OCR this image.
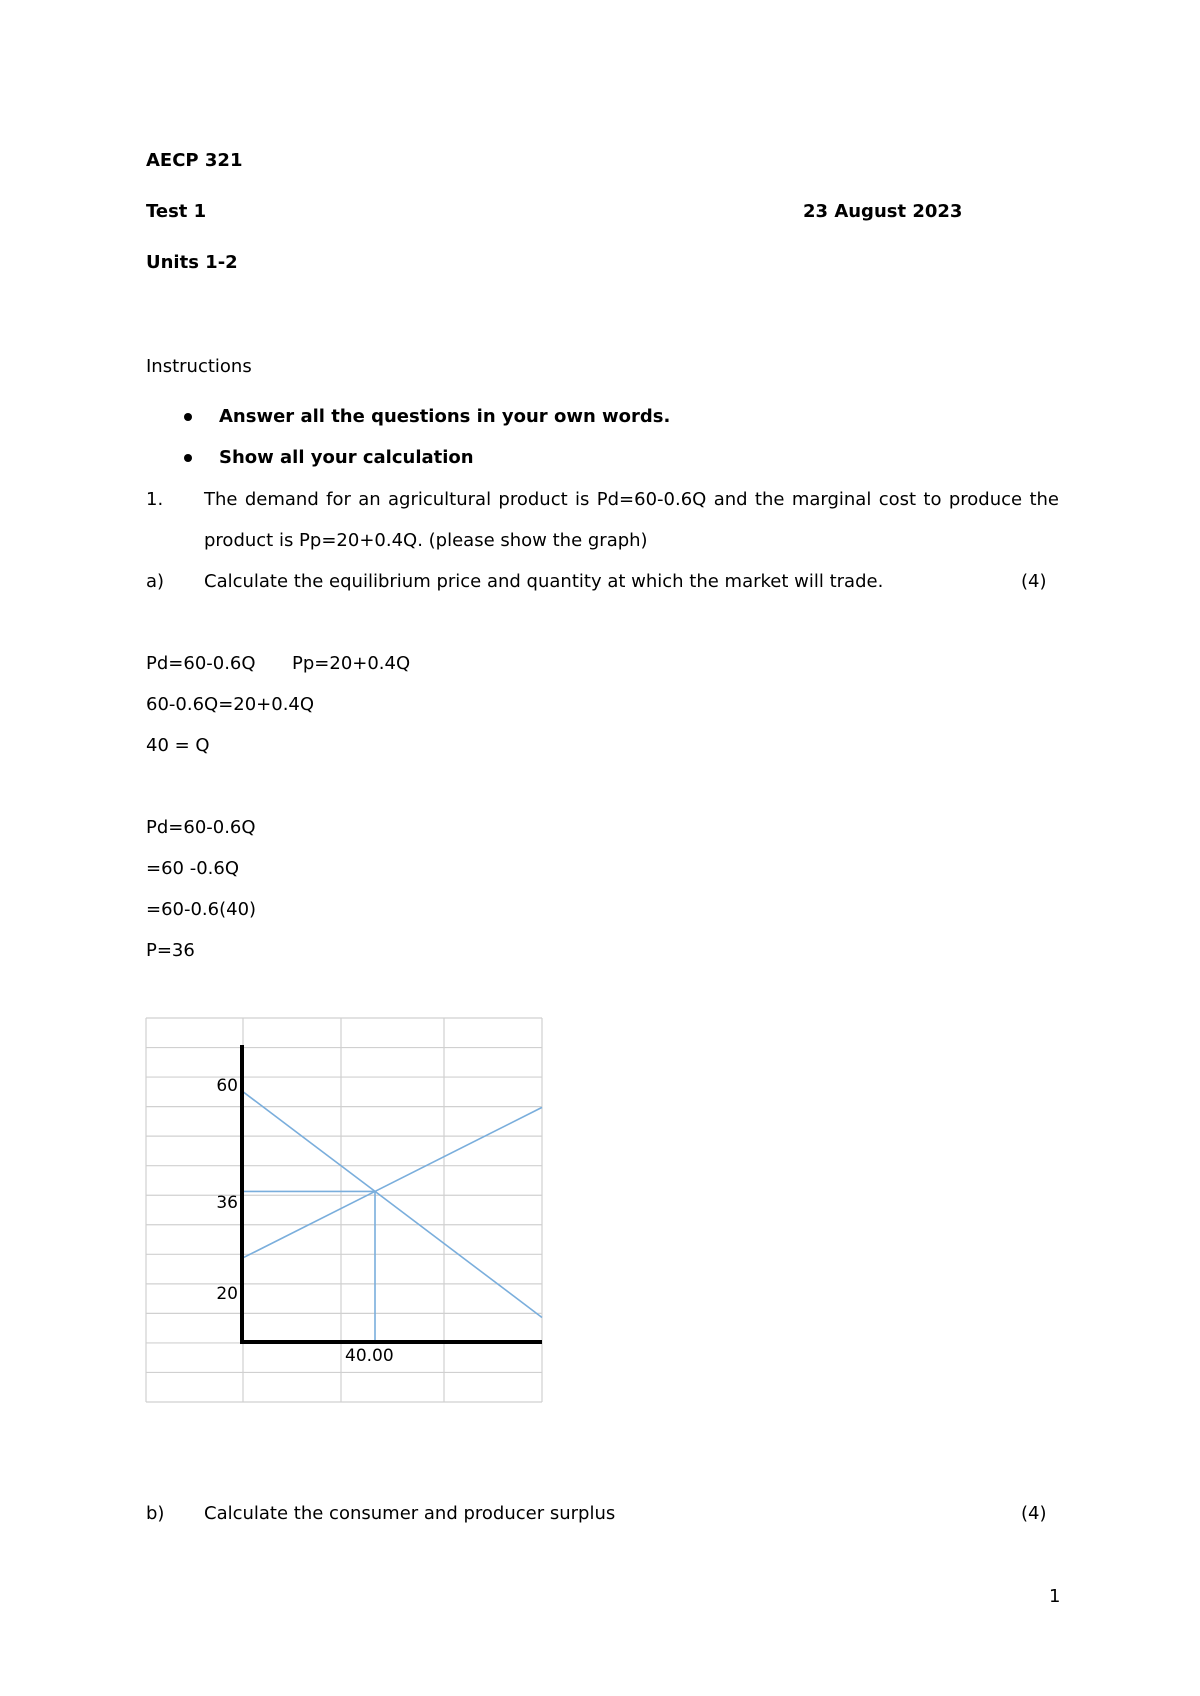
AECP 321
Test 1	23 August 2023
Units 1-2
Instructions
Answer all the questions in your own words.
Show all your calculation
1. The demand for an agricultural product is Pd=60-0.6Q and the marginal cost to produce the
product is Pp=20+0.4Q. (please show the graph)
a) Calculate the equilibrium price and quantity at which the market will trade.	(4)
Pd=60-0.6Q Pp=20+0.4Q
60-0.6Q=20+0.4Q
40 = Q
Pd=60-0.6Q
=60 -0.6Q
=60-0.6(40)
P=36
60
36
20
40.00
b) Calculate the consumer and producer surplus	(4)
1
